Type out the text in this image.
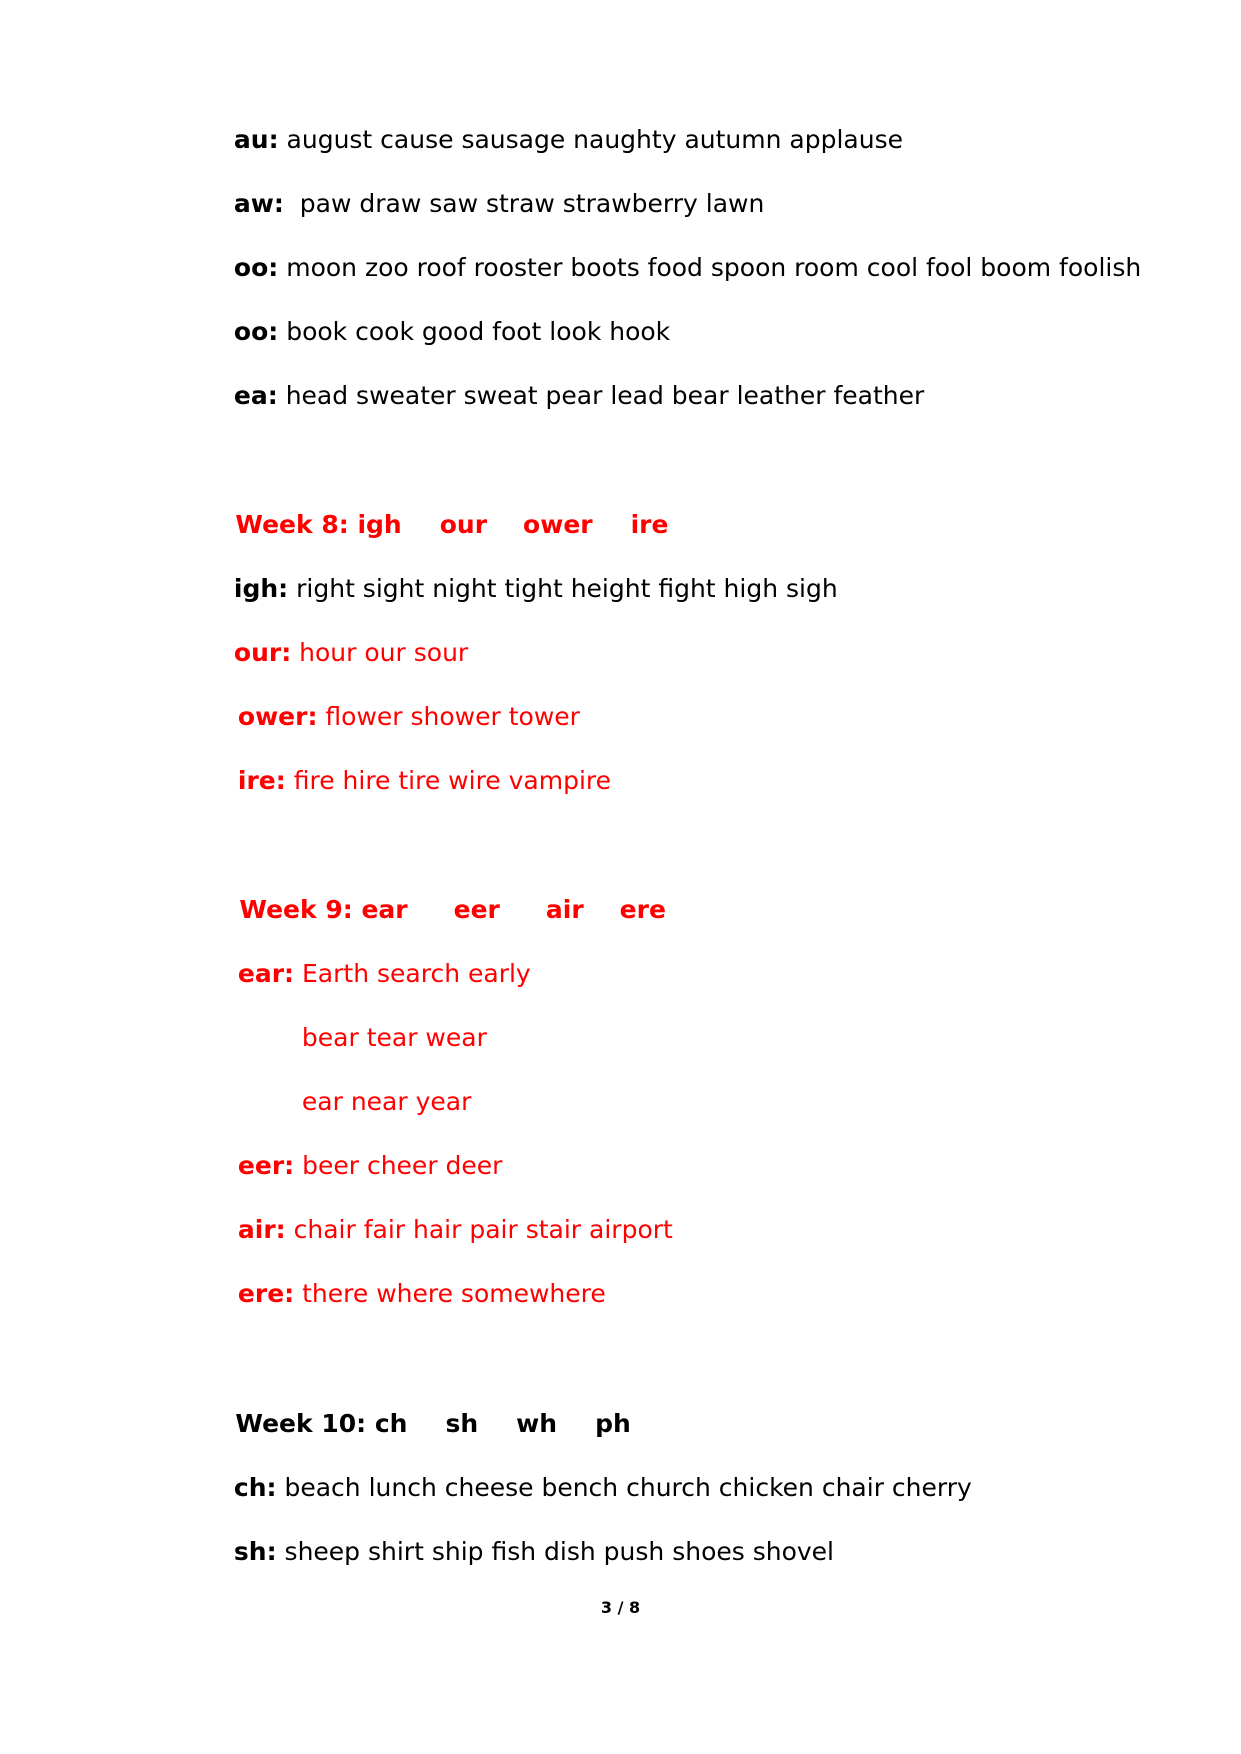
au: august cause sausage naughty autumn applause

aw: paw draw saw straw strawberry lawn

oo: moon zoo roof rooster boots food spoon room cool fool boom foolish

oo: book cook good foot look hook

ea: head sweater sweat pear lead bear leather feather

Week 8: igh our ower ire

igh: right sight night tight height fight high sigh

our: hour our sour

ower: flower shower tower

ire: fire hire tire wire vampire

Week 9: ear eer air ere

ear: Earth search early

bear tear wear

ear near year

eer: beer cheer deer

air: chair fair hair pair stair airport

ere: there where somewhere

Week 10: ch sh wh ph

ch: beach lunch cheese bench church chicken chair cherry

sh: sheep shirt ship fish dish push shoes shovel

3 / 8
